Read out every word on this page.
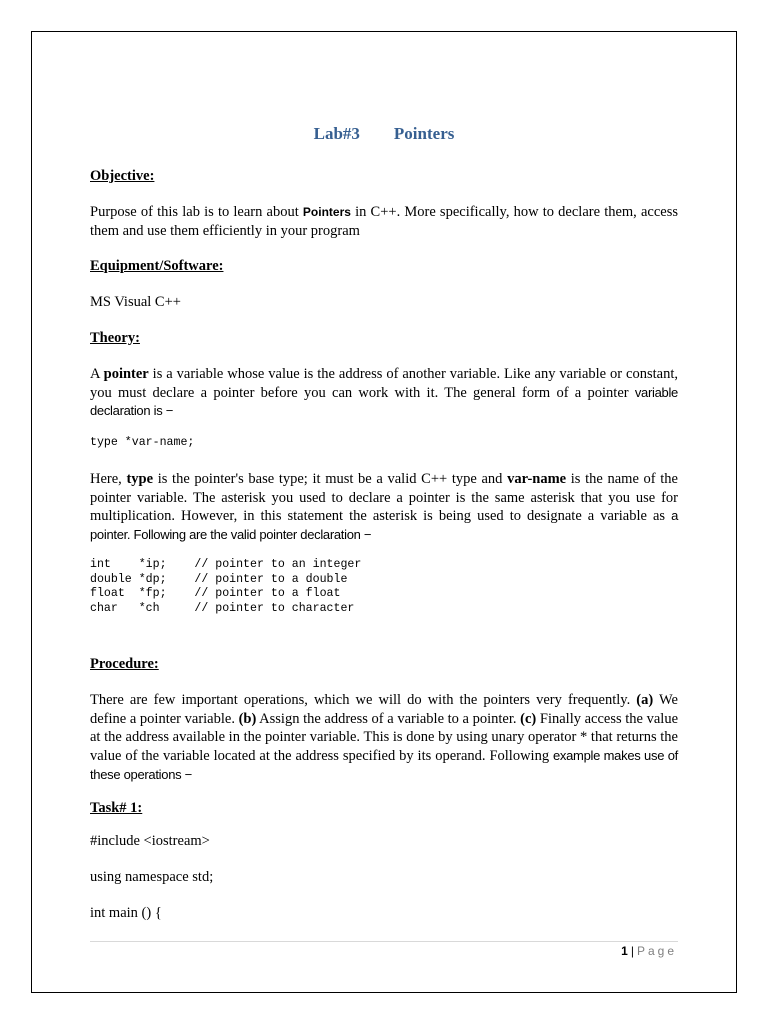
Lab#3 Pointers
Objective:
Purpose of this lab is to learn about Pointers in C++. More specifically, how to declare them, access them and use them efficiently in your program
Equipment/Software:
MS Visual C++
Theory:
A pointer is a variable whose value is the address of another variable. Like any variable or constant, you must declare a pointer before you can work with it. The general form of a pointer variable declaration is −
type *var-name;
Here, type is the pointer's base type; it must be a valid C++ type and var-name is the name of the pointer variable. The asterisk you used to declare a pointer is the same asterisk that you use for multiplication. However, in this statement the asterisk is being used to designate a variable as a pointer. Following are the valid pointer declaration −
int    *ip;    // pointer to an integer
double *dp;    // pointer to a double
float  *fp;    // pointer to a float
char   *ch     // pointer to character
Procedure:
There are few important operations, which we will do with the pointers very frequently. (a) We define a pointer variable. (b) Assign the address of a variable to a pointer. (c) Finally access the value at the address available in the pointer variable. This is done by using unary operator * that returns the value of the variable located at the address specified by its operand. Following example makes use of these operations −
Task# 1:
#include <iostream>
using namespace std;
int main () {
1 | Page
